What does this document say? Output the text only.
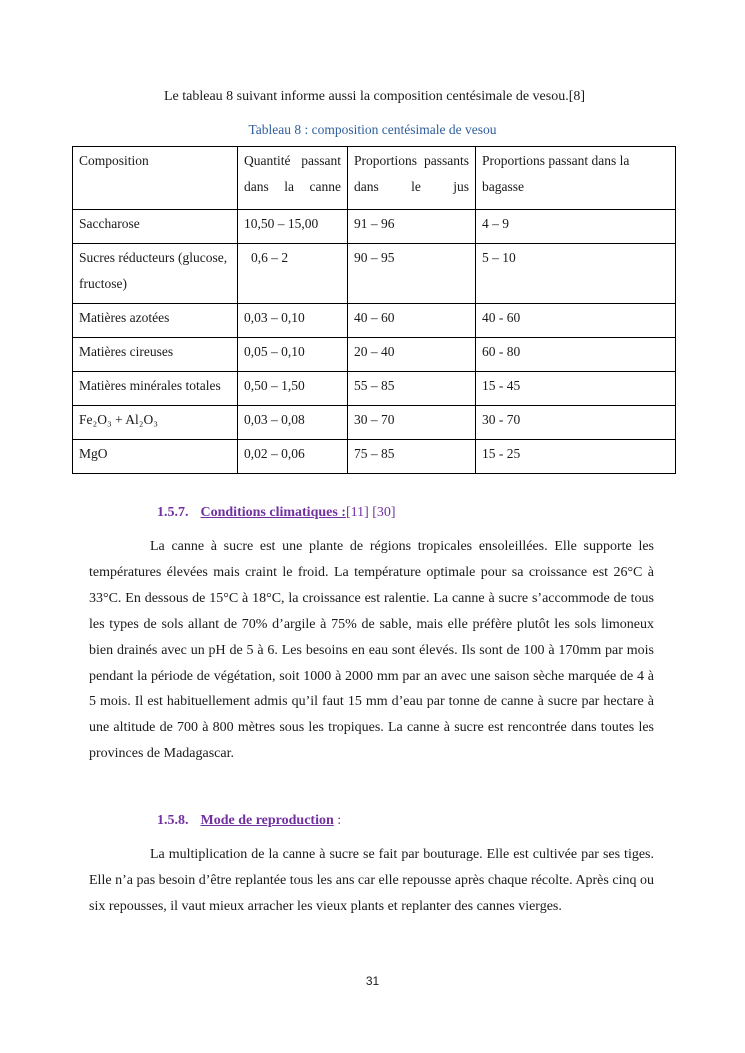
Le tableau 8 suivant informe aussi la composition centésimale de vesou.[8]
Tableau 8 : composition centésimale de vesou
Composition	Quantité passant dans la canne	Proportions passants dans le jus	Proportions passant dans la bagasse
Saccharose	10,50 – 15,00	91 – 96	4 – 9
Sucres réducteurs (glucose, fructose)	0,6 – 2	90 – 95	5 – 10
Matières azotées	0,03 – 0,10	40 – 60	40 - 60
Matières cireuses	0,05 – 0,10	20 – 40	60 - 80
Matières minérales totales	0,50 – 1,50	55 – 85	15 - 45
Fe₂O₃ + Al₂O₃	0,03 – 0,08	30 – 70	30 - 70
MgO	0,02 – 0,06	75 – 85	15 - 25
1.5.7. Conditions climatiques :[11] [30]
La canne à sucre est une plante de régions tropicales ensoleillées. Elle supporte les températures élevées mais craint le froid. La température optimale pour sa croissance est 26°C à 33°C. En dessous de 15°C à 18°C, la croissance est ralentie. La canne à sucre s’accommode de tous les types de sols allant de 70% d’argile à 75% de sable, mais elle préfère plutôt les sols limoneux bien drainés avec un pH de 5 à 6. Les besoins en eau sont élevés. Ils sont de 100 à 170mm par mois pendant la période de végétation, soit 1000 à 2000 mm par an avec une saison sèche marquée de 4 à 5 mois. Il est habituellement admis qu’il faut 15 mm d’eau par tonne de canne à sucre par hectare à une altitude de 700 à 800 mètres sous les tropiques. La canne à sucre est rencontrée dans toutes les provinces de Madagascar.
1.5.8. Mode de reproduction :
La multiplication de la canne à sucre se fait par bouturage. Elle est cultivée par ses tiges. Elle n’a pas besoin d’être replantée tous les ans car elle repousse après chaque récolte. Après cinq ou six repousses, il vaut mieux arracher les vieux plants et replanter des cannes vierges.
31
